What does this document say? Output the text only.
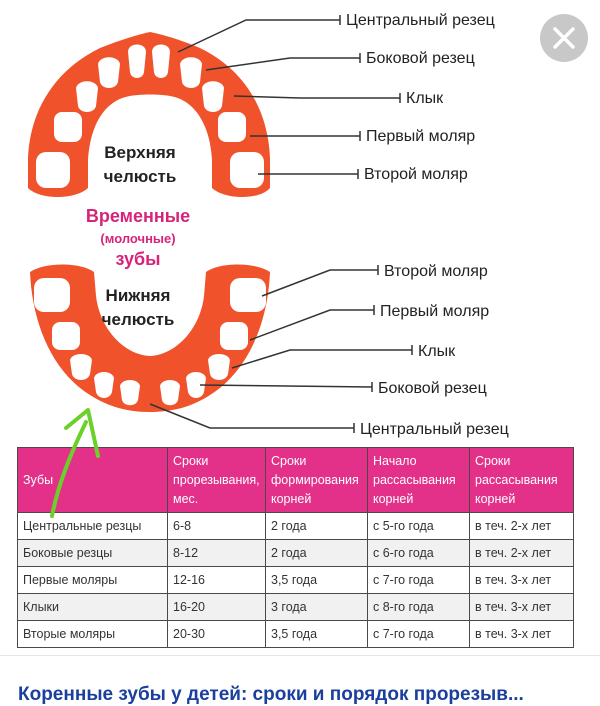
Верхняя
челюсть
Временные
(молочные)
зубы
Нижняя
челюсть
Центральный резец
Боковой резец
Клык
Первый моляр
Второй моляр
Второй моляр
Первый моляр
Клык
Боковой резец
Центральный резец
Зубы	Сроки прорезывания, мес.	Сроки формирования корней	Начало рассасывания корней	Сроки рассасывания корней
Центральные резцы	6-8	2 года	с 5-го года	в теч. 2-х лет
Боковые резцы	8-12	2 года	с 6-го года	в теч. 2-х лет
Первые моляры	12-16	3,5 года	с 7-го года	в теч. 3-х лет
Клыки	16-20	3 года	с 8-го года	в теч. 3-х лет
Вторые моляры	20-30	3,5 года	с 7-го года	в теч. 3-х лет
Коренные зубы у детей: сроки и порядок прорезыв...
